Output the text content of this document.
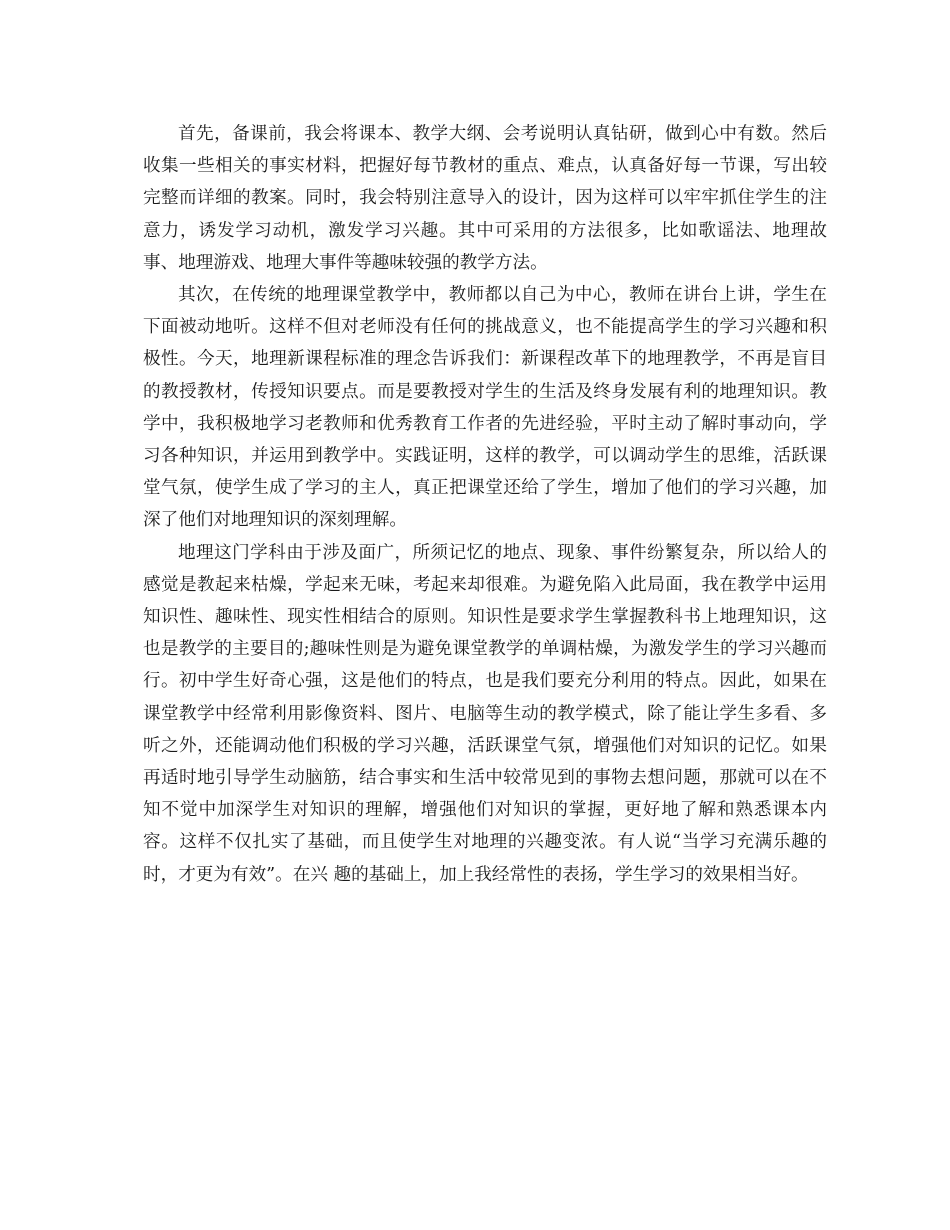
首先，备课前，我会将课本、教学大纲、会考说明认真钻研，做到心中有数。然后收集一些相关的事实材料，把握好每节教材的重点、难点，认真备好每一节课，写出较完整而详细的教案。同时，我会特别注意导入的设计，因为这样可以牢牢抓住学生的注意力，诱发学习动机，激发学习兴趣。其中可采用的方法很多，比如歌谣法、地理故事、地理游戏、地理大事件等趣味较强的教学方法。

其次，在传统的地理课堂教学中，教师都以自己为中心，教师在讲台上讲，学生在下面被动地听。这样不但对老师没有任何的挑战意义，也不能提高学生的学习兴趣和积极性。今天，地理新课程标准的理念告诉我们：新课程改革下的地理教学，不再是盲目的教授教材，传授知识要点。而是要教授对学生的生活及终身发展有利的地理知识。教学中，我积极地学习老教师和优秀教育工作者的先进经验，平时主动了解时事动向，学习各种知识，并运用到教学中。实践证明，这样的教学，可以调动学生的思维，活跃课堂气氛，使学生成了学习的主人，真正把课堂还给了学生，增加了他们的学习兴趣，加深了他们对地理知识的深刻理解。

地理这门学科由于涉及面广，所须记忆的地点、现象、事件纷繁复杂，所以给人的感觉是教起来枯燥，学起来无味，考起来却很难。为避免陷入此局面，我在教学中运用知识性、趣味性、现实性相结合的原则。知识性是要求学生掌握教科书上地理知识，这也是教学的主要目的;趣味性则是为避免课堂教学的单调枯燥，为激发学生的学习兴趣而行。初中学生好奇心强，这是他们的特点，也是我们要充分利用的特点。因此，如果在课堂教学中经常利用影像资料、图片、电脑等生动的教学模式，除了能让学生多看、多听之外，还能调动他们积极的学习兴趣，活跃课堂气氛，增强他们对知识的记忆。如果再适时地引导学生动脑筋，结合事实和生活中较常见到的事物去想问题，那就可以在不知不觉中加深学生对知识的理解，增强他们对知识的掌握，更好地了解和熟悉课本内容。这样不仅扎实了基础，而且使学生对地理的兴趣变浓。有人说“当学习充满乐趣的时，才更为有效”。在兴 趣的基础上，加上我经常性的表扬，学生学习的效果相当好。
